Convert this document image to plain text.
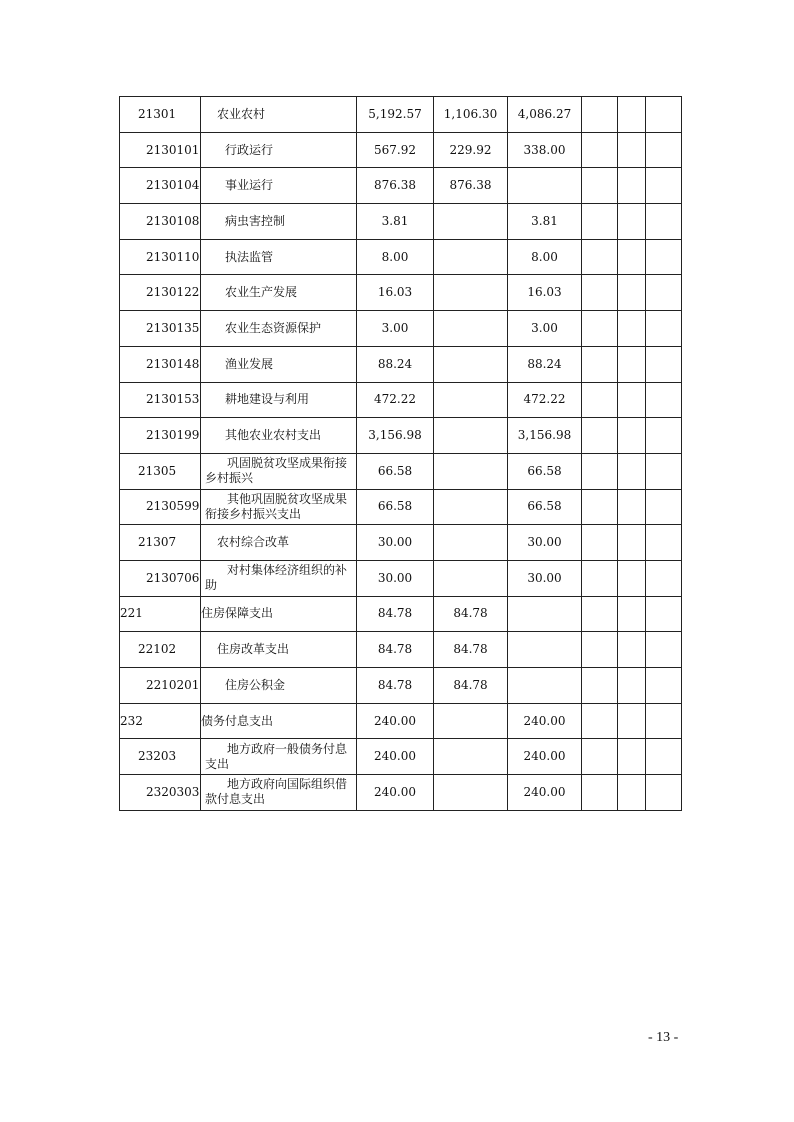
21301	农业农村	5,192.57	1,106.30	4,086.27			
2130101	行政运行	567.92	229.92	338.00			
2130104	事业运行	876.38	876.38				
2130108	病虫害控制	3.81		3.81			
2130110	执法监管	8.00		8.00			
2130122	农业生产发展	16.03		16.03			
2130135	农业生态资源保护	3.00		3.00			
2130148	渔业发展	88.24		88.24			
2130153	耕地建设与利用	472.22		472.22			
2130199	其他农业农村支出	3,156.98		3,156.98			
21305	巩固脱贫攻坚成果衔接乡村振兴	66.58		66.58			
2130599	其他巩固脱贫攻坚成果衔接乡村振兴支出	66.58		66.58			
21307	农村综合改革	30.00		30.00			
2130706	对村集体经济组织的补助	30.00		30.00			
221	住房保障支出	84.78	84.78				
22102	住房改革支出	84.78	84.78				
2210201	住房公积金	84.78	84.78				
232	债务付息支出	240.00		240.00			
23203	地方政府一般债务付息支出	240.00		240.00			
2320303	地方政府向国际组织借款付息支出	240.00		240.00			
- 13 -
